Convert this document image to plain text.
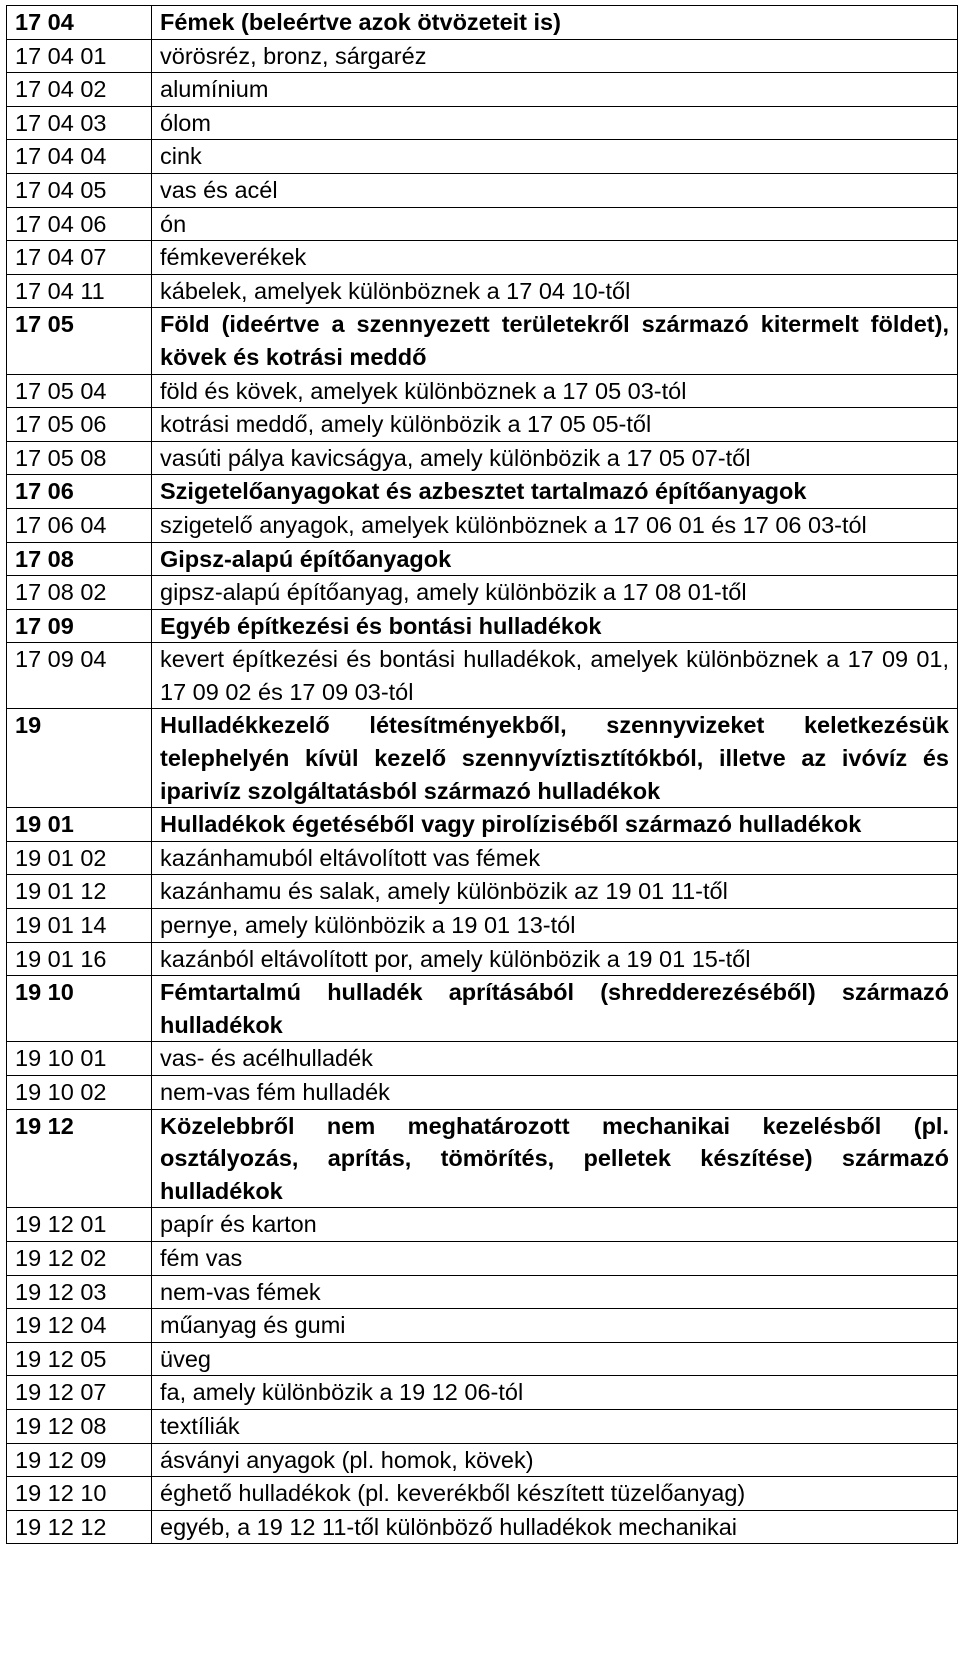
17 04	Fémek (beleértve azok ötvözeteit is)
17 04 01	vörösréz, bronz, sárgaréz
17 04 02	alumínium
17 04 03	ólom
17 04 04	cink
17 04 05	vas és acél
17 04 06	ón
17 04 07	fémkeverékek
17 04 11	kábelek, amelyek különböznek a 17 04 10-től
17 05	Föld (ideértve a szennyezett területekről származó kitermelt földet), kövek és kotrási meddő
17 05 04	föld és kövek, amelyek különböznek a 17 05 03-tól
17 05 06	kotrási meddő, amely különbözik a 17 05 05-től
17 05 08	vasúti pálya kavicságya, amely különbözik a 17 05 07-től
17 06	Szigetelőanyagokat és azbesztet tartalmazó építőanyagok
17 06 04	szigetelő anyagok, amelyek különböznek a 17 06 01 és 17 06 03-tól
17 08	Gipsz-alapú építőanyagok
17 08 02	gipsz-alapú építőanyag, amely különbözik a 17 08 01-től
17 09	Egyéb építkezési és bontási hulladékok
17 09 04	kevert építkezési és bontási hulladékok, amelyek különböznek a 17 09 01, 17 09 02 és 17 09 03-tól
19	Hulladékkezelő létesítményekből, szennyvizeket keletkezésük telephelyén kívül kezelő szennyvíztisztítókból, illetve az ivóvíz és iparivíz szolgáltatásból származó hulladékok
19 01	Hulladékok égetéséből vagy pirolíziséből származó hulladékok
19 01 02	kazánhamuból eltávolított vas fémek
19 01 12	kazánhamu és salak, amely különbözik az 19 01 11-től
19 01 14	pernye, amely különbözik a 19 01 13-tól
19 01 16	kazánból eltávolított por, amely különbözik a 19 01 15-től
19 10	Fémtartalmú hulladék aprításából (shredderezéséből) származó hulladékok
19 10 01	vas- és acélhulladék
19 10 02	nem-vas fém hulladék
19 12	Közelebbről nem meghatározott mechanikai kezelésből (pl. osztályozás, aprítás, tömörítés, pelletek készítése) származó hulladékok
19 12 01	papír és karton
19 12 02	fém vas
19 12 03	nem-vas fémek
19 12 04	műanyag és gumi
19 12 05	üveg
19 12 07	fa, amely különbözik a 19 12 06-tól
19 12 08	textíliák
19 12 09	ásványi anyagok (pl. homok, kövek)
19 12 10	éghető hulladékok (pl. keverékből készített tüzelőanyag)
19 12 12	egyéb, a 19 12 11-től különböző hulladékok mechanikai
